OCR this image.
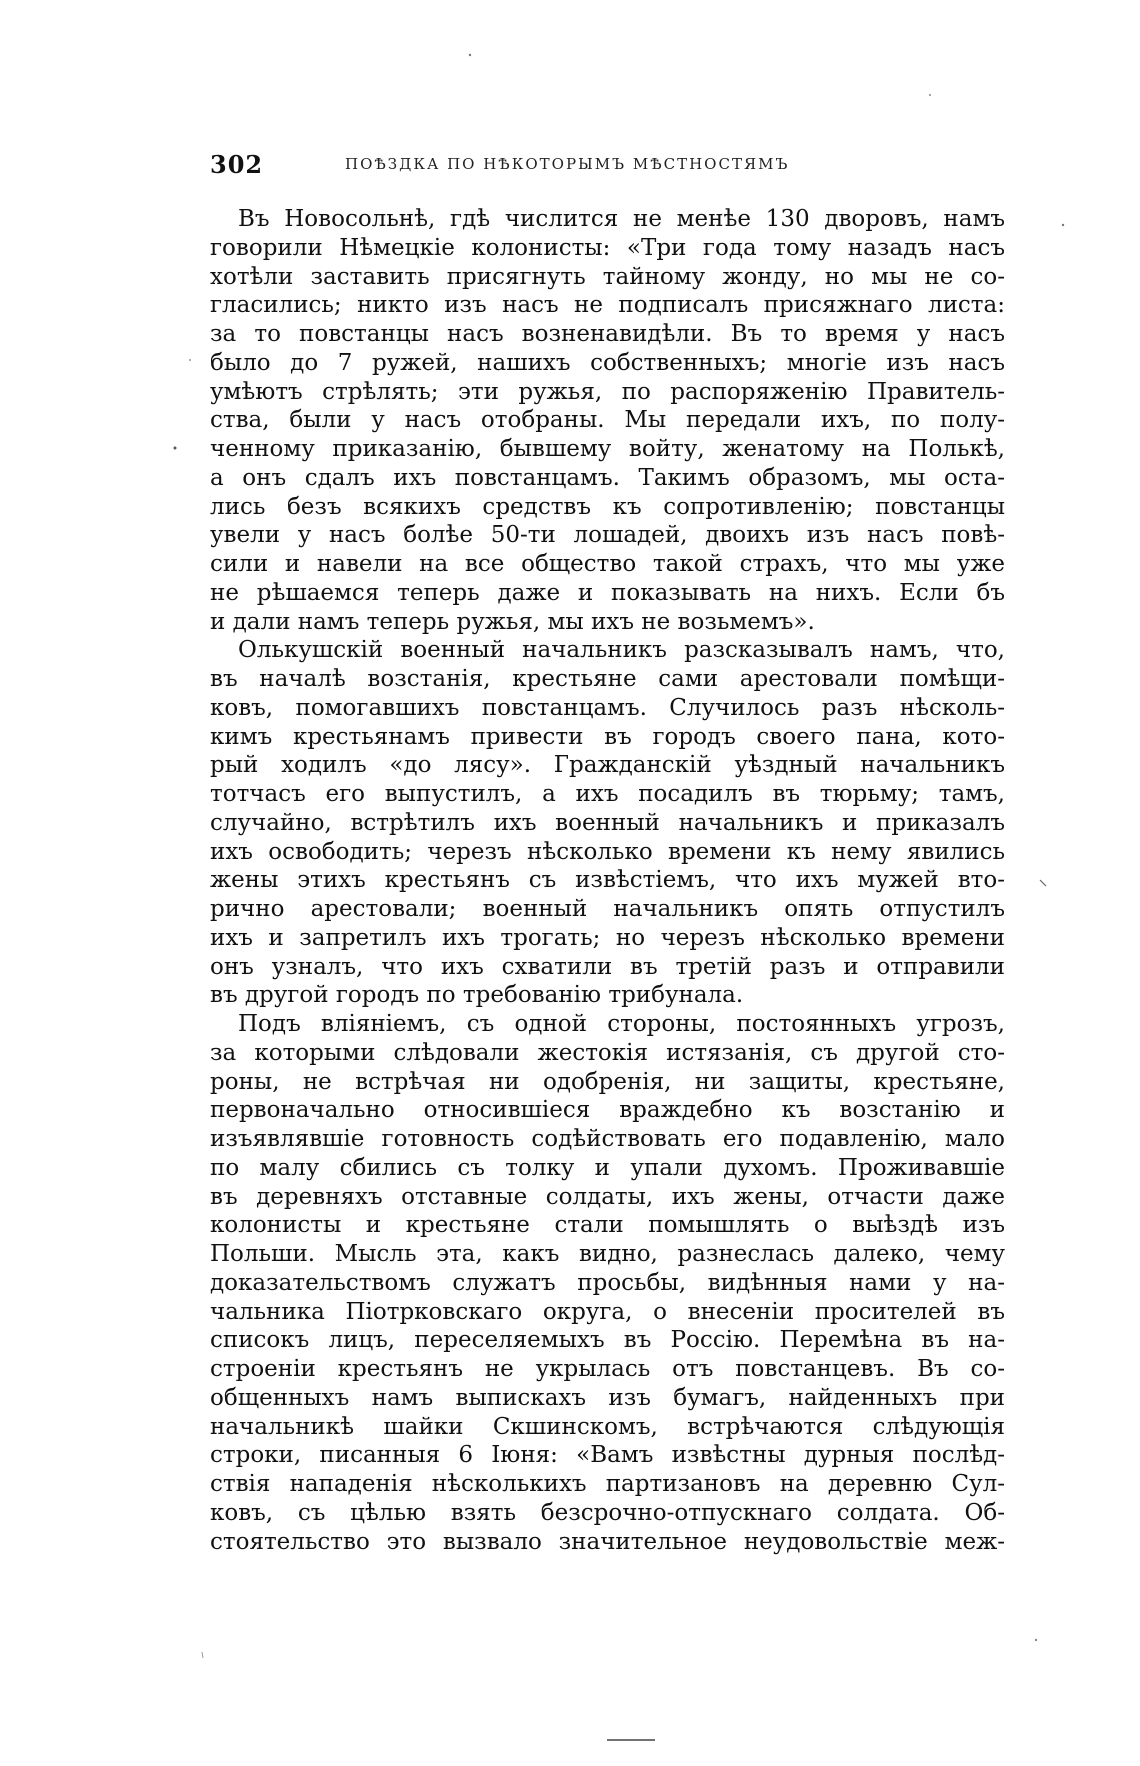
302	ПОѢЗДКА ПО НѢКОТОРЫМЪ МѢСТНОСТЯМЪ
Въ Новосольнѣ, гдѣ числится не менѣе 130 дворовъ, намъ
говорили Нѣмецкіе колонисты: «Три года тому назадъ насъ
хотѣли заставить присягнуть тайному жонду, но мы не со-
гласились; никто изъ насъ не подписалъ присяжнаго листа:
за то повстанцы насъ возненавидѣли. Въ то время у насъ
было до 7 ружей, нашихъ собственныхъ; многіе изъ насъ
умѣютъ стрѣлять; эти ружья, по распоряженію Правитель-
ства, были у насъ отобраны. Мы передали ихъ, по полу-
ченному приказанію, бывшему войту, женатому на Полькѣ,
а онъ сдалъ ихъ повстанцамъ. Такимъ образомъ, мы оста-
лись безъ всякихъ средствъ къ сопротивленію; повстанцы
увели у насъ болѣе 50-ти лошадей, двоихъ изъ насъ повѣ-
сили и навели на все общество такой страхъ, что мы уже
не рѣшаемся теперь даже и показывать на нихъ. Если бъ
и дали намъ теперь ружья, мы ихъ не возьмемъ».
Олькушскій военный начальникъ разсказывалъ намъ, что,
въ началѣ возстанія, крестьяне сами арестовали помѣщи-
ковъ, помогавшихъ повстанцамъ. Случилось разъ нѣсколь-
кимъ крестьянамъ привести въ городъ своего пана, кото-
рый ходилъ «до лясу». Гражданскій уѣздный начальникъ
тотчасъ его выпустилъ, а ихъ посадилъ въ тюрьму; тамъ,
случайно, встрѣтилъ ихъ военный начальникъ и приказалъ
ихъ освободить; черезъ нѣсколько времени къ нему явились
жены этихъ крестьянъ съ извѣстіемъ, что ихъ мужей вто-
рично арестовали; военный начальникъ опять отпустилъ
ихъ и запретилъ ихъ трогать; но черезъ нѣсколько времени
онъ узналъ, что ихъ схватили въ третій разъ и отправили
въ другой городъ по требованію трибунала.
Подъ вліяніемъ, съ одной стороны, постоянныхъ угрозъ,
за которыми слѣдовали жестокія истязанія, съ другой сто-
роны, не встрѣчая ни одобренія, ни защиты, крестьяне,
первоначально относившіеся враждебно къ возстанію и
изъявлявшіе готовность содѣйствовать его подавленію, мало
по малу сбились съ толку и упали духомъ. Проживавшіе
въ деревняхъ отставные солдаты, ихъ жены, отчасти даже
колонисты и крестьяне стали помышлять о выѣздѣ изъ
Польши. Мысль эта, какъ видно, разнеслась далеко, чему
доказательствомъ служатъ просьбы, видѣнныя нами у на-
чальника Піотрковскаго округа, о внесеніи просителей въ
списокъ лицъ, переселяемыхъ въ Россію. Перемѣна въ на-
строеніи крестьянъ не укрылась отъ повстанцевъ. Въ со-
общенныхъ намъ выпискахъ изъ бумагъ, найденныхъ при
начальникѣ шайки Скшинскомъ, встрѣчаются слѣдующія
строки, писанныя 6 Іюня: «Вамъ извѣстны дурныя послѣд-
ствія нападенія нѣсколькихъ партизановъ на деревню Сул-
ковъ, съ цѣлью взять безсрочно-отпускнаго солдата. Об-
стоятельство это вызвало значительное неудовольствіе меж-
